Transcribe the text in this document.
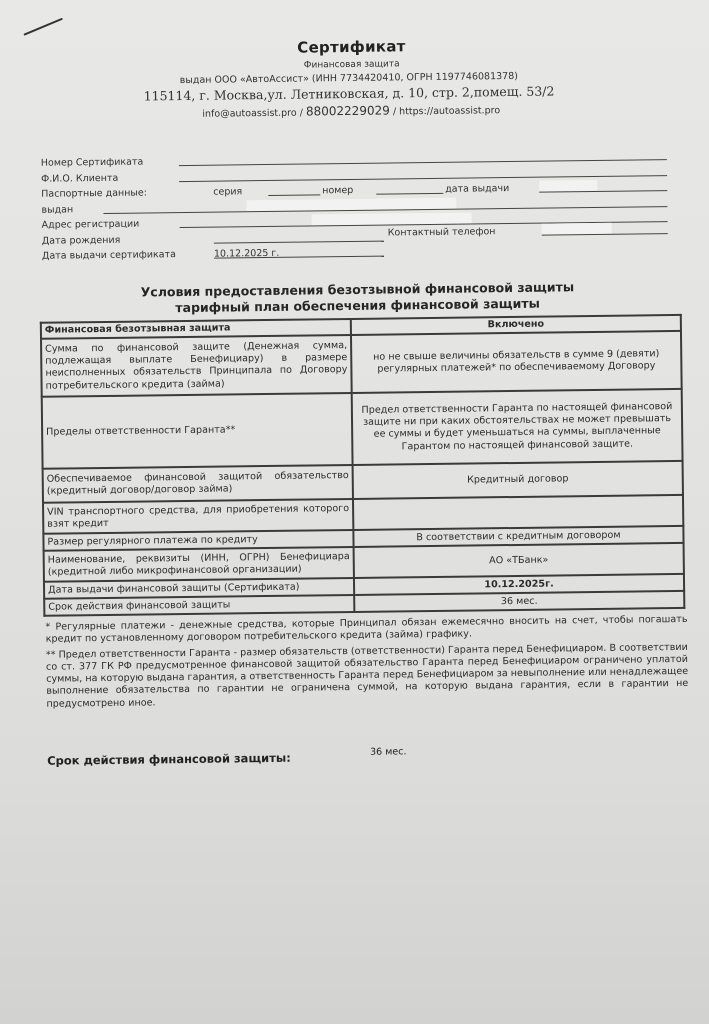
Сертификат
Финансовая защита
выдан ООО «АвтоАссист» (ИНН 7734420410, ОГРН 1197746081378)
115114, г. Москва,ул. Летниковская, д. 10, стр. 2,помещ. 53/2
info@autoassist.pro / 88002229029 / https://autoassist.pro
Номер Сертификата
Ф.И.О. Клиента
Паспортные данные:	серия	номер	дата выдачи
выдан
Адрес регистрации
Дата рождения
Контактный телефон
Дата выдачи сертификата	10.12.2025 г.
Условия предоставления безотзывной финансовой защиты
тарифный план обеспечения финансовой защиты
Финансовая безотзывная защита	Включено
Сумма по финансовой защите (Денежная сумма, подлежащая выплате Бенефициару) в размере неисполненных обязательств Принципала по Договору потребительского кредита (займа)	но не свыше величины обязательств в сумме 9 (девяти) регулярных платежей* по обеспечиваемому Договору
Пределы ответственности Гаранта**	Предел ответственности Гаранта по настоящей финансовой защите ни при каких обстоятельствах не может превышать ее суммы и будет уменьшаться на суммы, выплаченные Гарантом по настоящей финансовой защите.
Обеспечиваемое финансовой защитой обязательство (кредитный договор/договор займа)	Кредитный договор
VIN транспортного средства, для приобретения которого взят кредит	
Размер регулярного платежа по кредиту	В соответствии с кредитным договором
Наименование, реквизиты (ИНН, ОГРН) Бенефициара (кредитной либо микрофинансовой организации)	АО «ТБанк»
Дата выдачи финансовой защиты (Сертификата)	10.12.2025г.
Срок действия финансовой защиты	36 мес.

* Регулярные платежи - денежные средства, которые Принципал обязан ежемесячно вносить на счет, чтобы погашать кредит по установленному договором потребительского кредита (займа) графику.

** Предел ответственности Гаранта - размер обязательств (ответственности) Гаранта перед Бенефициаром. В соответствии со ст. 377 ГК РФ предусмотренное финансовой защитой обязательство Гаранта перед Бенефициаром ограничено уплатой суммы, на которую выдана гарантия, а ответственность Гаранта перед Бенефициаром за невыполнение или ненадлежащее выполнение обязательства по гарантии не ограничена суммой, на которую выдана гарантия, если в гарантии не предусмотрено иное.

Срок действия финансовой защиты:	36 мес.
